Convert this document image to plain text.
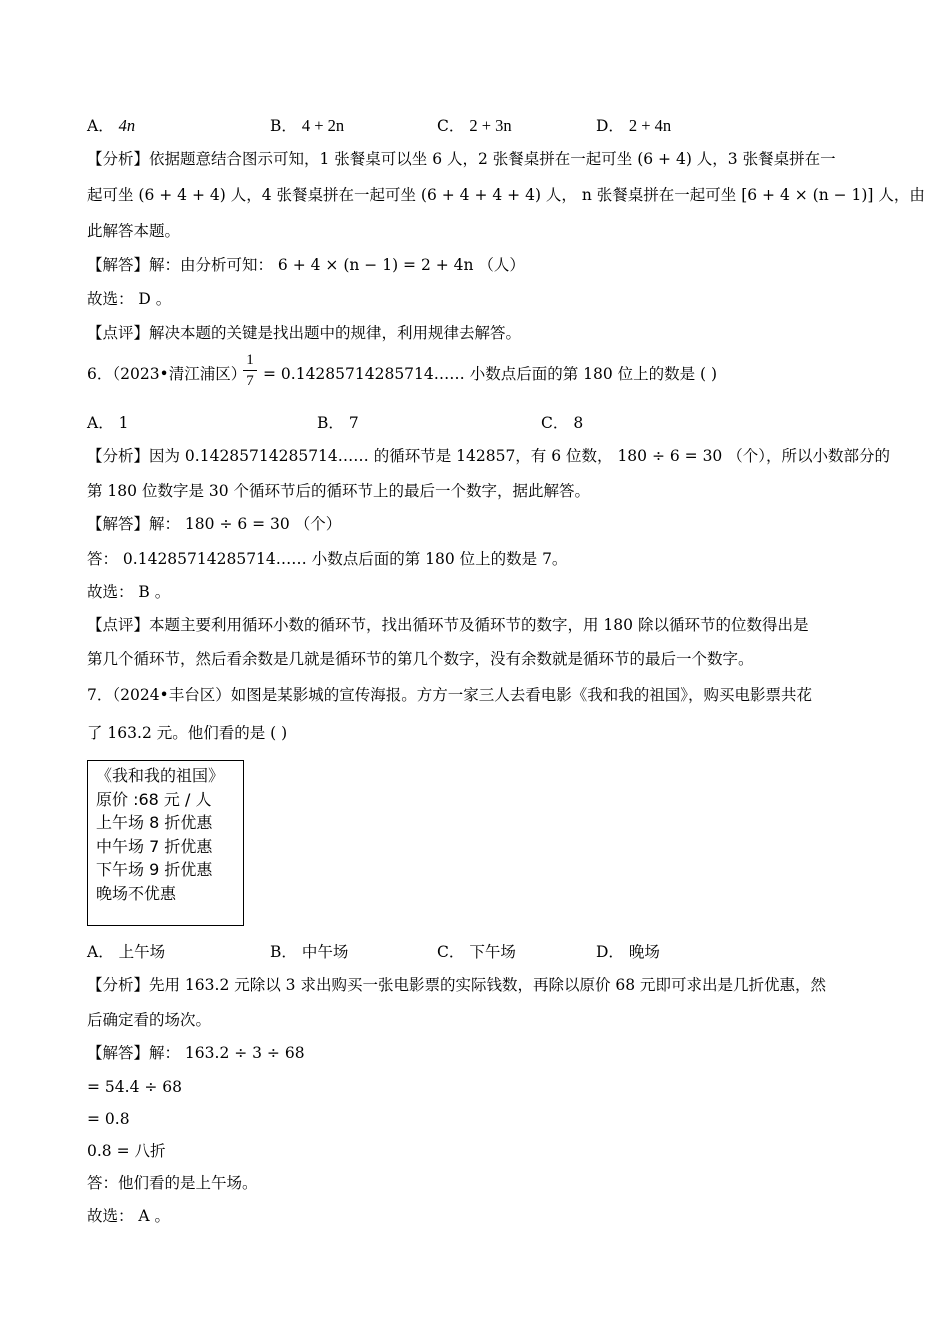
A． 4n	B． 4 + 2n	C． 2 + 3n	D． 2 + 4n
【分析】依据题意结合图示可知，1 张餐桌可以坐 6 人，2 张餐桌拼在一起可坐 (6 + 4) 人，3 张餐桌拼在一
起可坐 (6 + 4 + 4) 人，4 张餐桌拼在一起可坐 (6 + 4 + 4 + 4) 人， n 张餐桌拼在一起可坐 [6 + 4 × (n − 1)] 人，由
此解答本题。
【解答】解：由分析可知： 6 + 4 × (n − 1) = 2 + 4n （人）
故选： D 。
【点评】解决本题的关键是找出题中的规律，利用规律去解答。
6．（2023•清江浦区）
1
7 = 0.14285714285714…… 小数点后面的第 180 位上的数是 ( )
A． 1	B． 7	C． 8
【分析】因为 0.14285714285714…… 的循环节是 142857，有 6 位数， 180 ÷ 6 = 30 （个），所以小数部分的
第 180 位数字是 30 个循环节后的循环节上的最后一个数字，据此解答。
【解答】解： 180 ÷ 6 = 30 （个）
答： 0.14285714285714…… 小数点后面的第 180 位上的数是 7。
故选： B 。
【点评】本题主要利用循环小数的循环节，找出循环节及循环节的数字，用 180 除以循环节的位数得出是
第几个循环节，然后看余数是几就是循环节的第几个数字，没有余数就是循环节的最后一个数字。
7．（2024•丰台区）如图是某影城的宣传海报。方方一家三人去看电影《我和我的祖国》，购买电影票共花
了 163.2 元。他们看的是 ( )
《我和我的祖国》
原价 :68 元 / 人
上午场 8 折优惠
中午场 7 折优惠
下午场 9 折优惠
晚场不优惠
A． 上午场	B． 中午场	C． 下午场	D． 晚场
【分析】先用 163.2 元除以 3 求出购买一张电影票的实际钱数，再除以原价 68 元即可求出是几折优惠，然
后确定看的场次。
【解答】解： 163.2 ÷ 3 ÷ 68
= 54.4 ÷ 68
= 0.8
0.8 = 八折
答：他们看的是上午场。
故选： A 。
